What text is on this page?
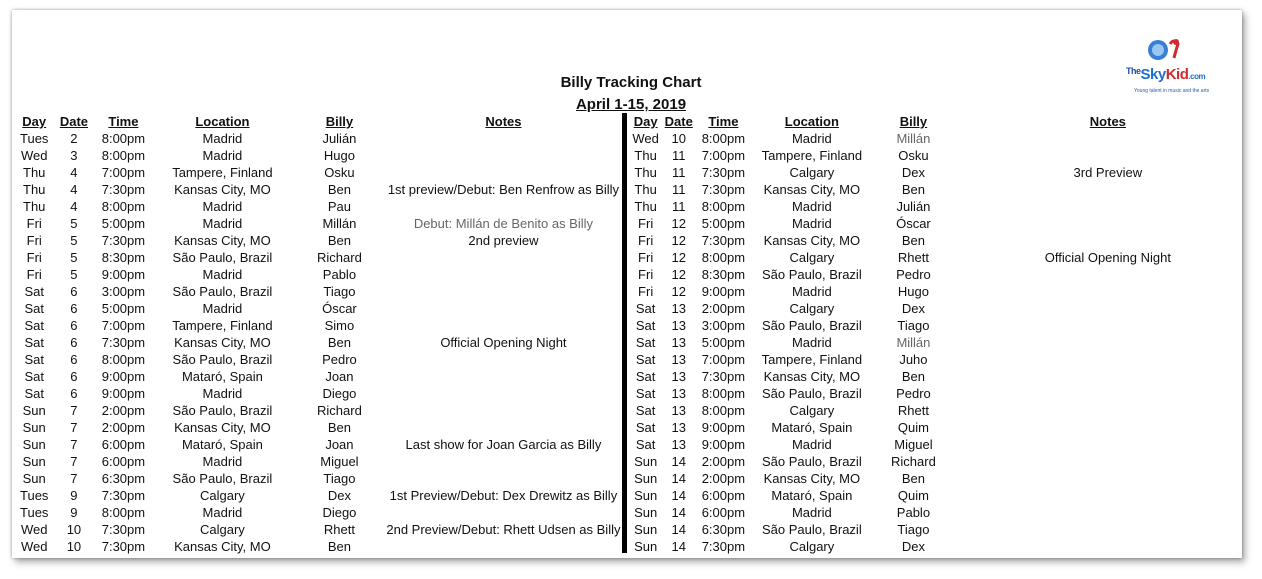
Billy Tracking Chart
April 1-15, 2019
$^{The}$SkyKid.com
Young talent in music and the arts
Day	Date	Time	Location	Billy	Notes
Tues	2	8:00pm	Madrid	Julián	
Wed	3	8:00pm	Madrid	Hugo	
Thu	4	7:00pm	Tampere, Finland	Osku	
Thu	4	7:30pm	Kansas City, MO	Ben	1st preview/Debut: Ben Renfrow as Billy
Thu	4	8:00pm	Madrid	Pau	
Fri	5	5:00pm	Madrid	Millán	Debut: Millán de Benito as Billy
Fri	5	7:30pm	Kansas City, MO	Ben	2nd preview
Fri	5	8:30pm	São Paulo, Brazil	Richard	
Fri	5	9:00pm	Madrid	Pablo	
Sat	6	3:00pm	São Paulo, Brazil	Tiago	
Sat	6	5:00pm	Madrid	Óscar	
Sat	6	7:00pm	Tampere, Finland	Simo	
Sat	6	7:30pm	Kansas City, MO	Ben	Official Opening Night
Sat	6	8:00pm	São Paulo, Brazil	Pedro	
Sat	6	9:00pm	Mataró, Spain	Joan	
Sat	6	9:00pm	Madrid	Diego	
Sun	7	2:00pm	São Paulo, Brazil	Richard	
Sun	7	2:00pm	Kansas City, MO	Ben	
Sun	7	6:00pm	Mataró, Spain	Joan	Last show for Joan Garcia as Billy
Sun	7	6:00pm	Madrid	Miguel	
Sun	7	6:30pm	São Paulo, Brazil	Tiago	
Tues	9	7:30pm	Calgary	Dex	1st Preview/Debut: Dex Drewitz as Billy
Tues	9	8:00pm	Madrid	Diego	
Wed	10	7:30pm	Calgary	Rhett	2nd Preview/Debut: Rhett Udsen as Billy
Wed	10	7:30pm	Kansas City, MO	Ben	
Day	Date	Time	Location	Billy	Notes
Wed	10	8:00pm	Madrid	Millán	
Thu	11	7:00pm	Tampere, Finland	Osku	
Thu	11	7:30pm	Calgary	Dex	3rd Preview
Thu	11	7:30pm	Kansas City, MO	Ben	
Thu	11	8:00pm	Madrid	Julián	
Fri	12	5:00pm	Madrid	Óscar	
Fri	12	7:30pm	Kansas City, MO	Ben	
Fri	12	8:00pm	Calgary	Rhett	Official Opening Night
Fri	12	8:30pm	São Paulo, Brazil	Pedro	
Fri	12	9:00pm	Madrid	Hugo	
Sat	13	2:00pm	Calgary	Dex	
Sat	13	3:00pm	São Paulo, Brazil	Tiago	
Sat	13	5:00pm	Madrid	Millán	
Sat	13	7:00pm	Tampere, Finland	Juho	
Sat	13	7:30pm	Kansas City, MO	Ben	
Sat	13	8:00pm	São Paulo, Brazil	Pedro	
Sat	13	8:00pm	Calgary	Rhett	
Sat	13	9:00pm	Mataró, Spain	Quim	
Sat	13	9:00pm	Madrid	Miguel	
Sun	14	2:00pm	São Paulo, Brazil	Richard	
Sun	14	2:00pm	Kansas City, MO	Ben	
Sun	14	6:00pm	Mataró, Spain	Quim	
Sun	14	6:00pm	Madrid	Pablo	
Sun	14	6:30pm	São Paulo, Brazil	Tiago	
Sun	14	7:30pm	Calgary	Dex	
